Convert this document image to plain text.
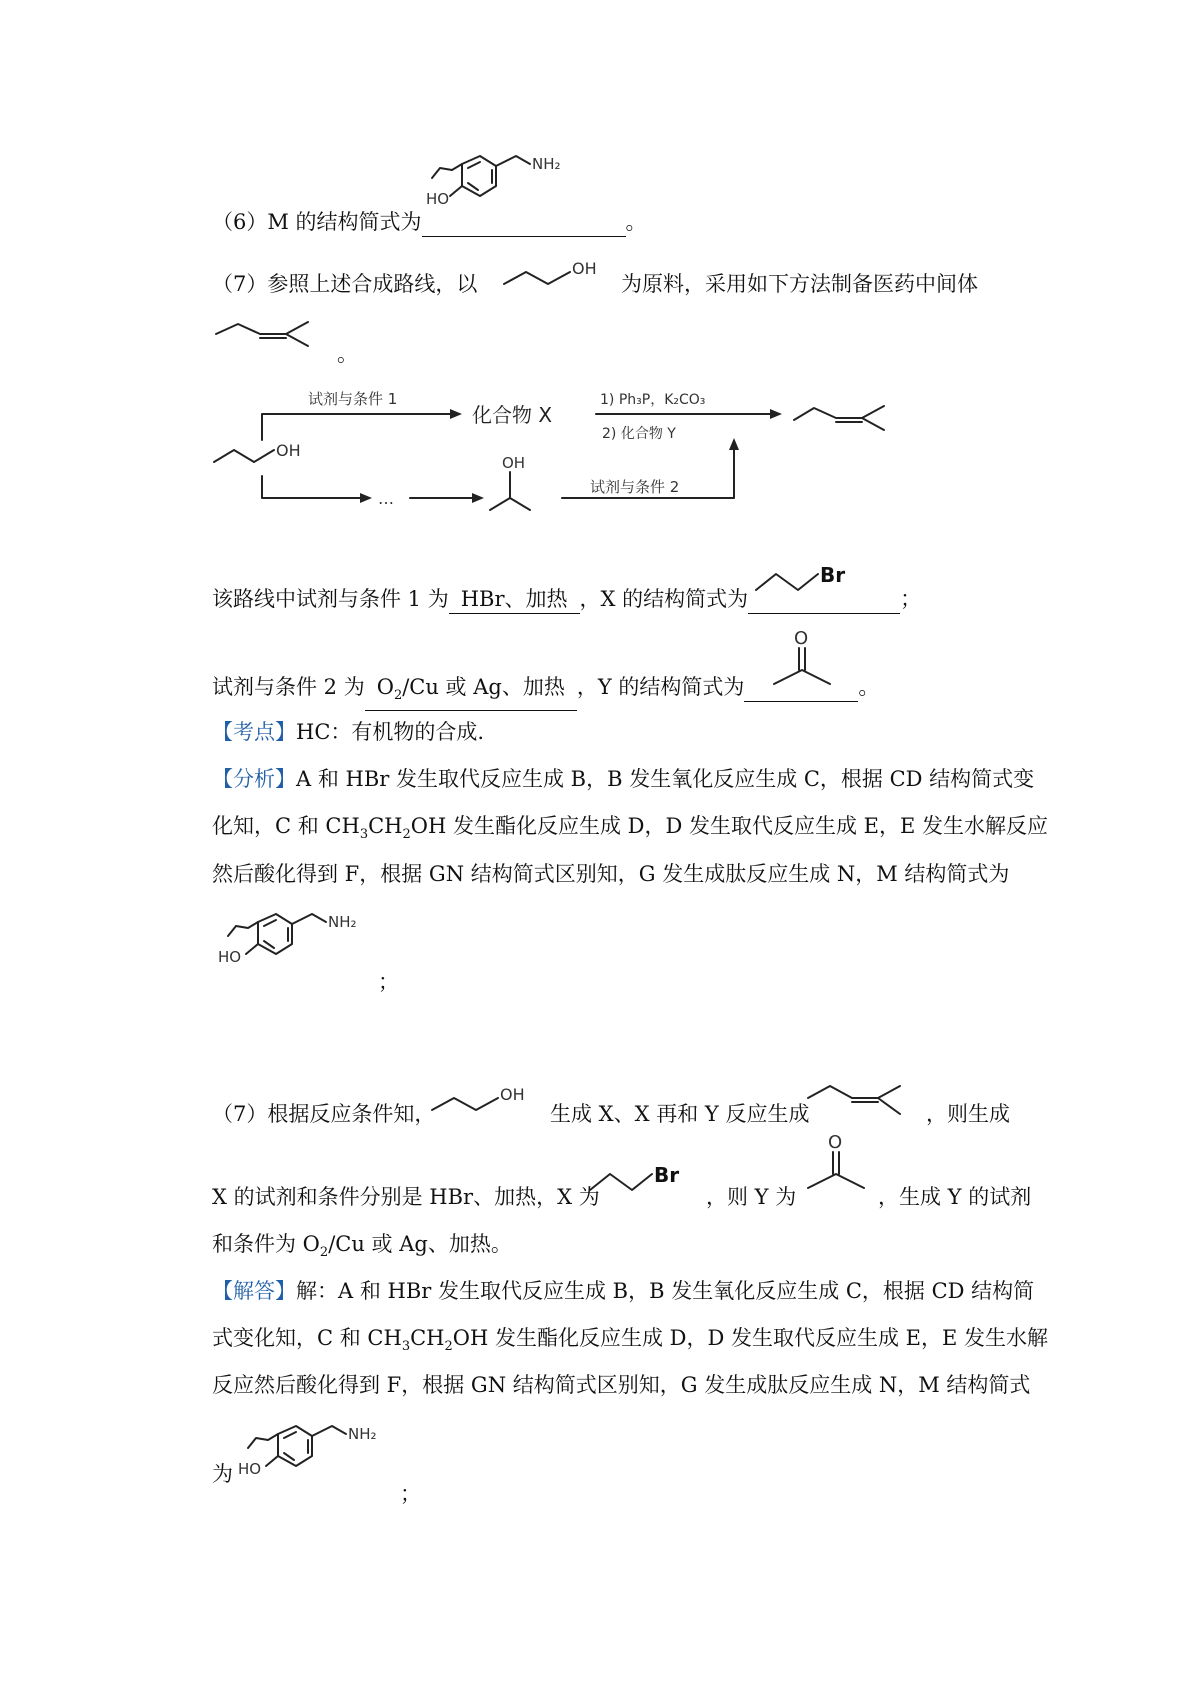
NH₂
HO
（6）M 的结构简式为	。
（7）参照上述合成路线，以
OH
为原料，采用如下方法制备医药中间体
。
OH
试剂与条件 1
化合物 X
1) Ph₃P，K₂CO₃
2) 化合物 Y
…
OH
试剂与条件 2
该路线中试剂与条件 1 为 HBr、加热 ，X 的结构简式为	；
Br
试剂与条件 2 为 $O_2/Cu$ 或 Ag、加热 ，Y 的结构简式为	。
O
【考点】HC：有机物的合成.
【分析】A 和 HBr 发生取代反应生成 B，B 发生氧化反应生成 C，根据 CD 结构简式变
化知，C 和 $CH_3CH_2OH$ 发生酯化反应生成 D，D 发生取代反应生成 E，E 发生水解反应
然后酸化得到 F，根据 GN 结构简式区别知，G 发生成肽反应生成 N，M 结构简式为
NH₂
HO
；
（7）根据反应条件知，
OH
生成 X、X 再和 Y 反应生成	，则生成
X 的试剂和条件分别是 HBr、加热，X 为
Br
，则 Y 为
O
，生成 Y 的试剂
和条件为 $O_2/Cu$ 或 Ag、加热。
【解答】解：A 和 HBr 发生取代反应生成 B，B 发生氧化反应生成 C，根据 CD 结构简
式变化知，C 和 $CH_3CH_2OH$ 发生酯化反应生成 D，D 发生取代反应生成 E，E 发生水解
反应然后酸化得到 F，根据 GN 结构简式区别知，G 发生成肽反应生成 N，M 结构简式
NH₂
HO
为
；
